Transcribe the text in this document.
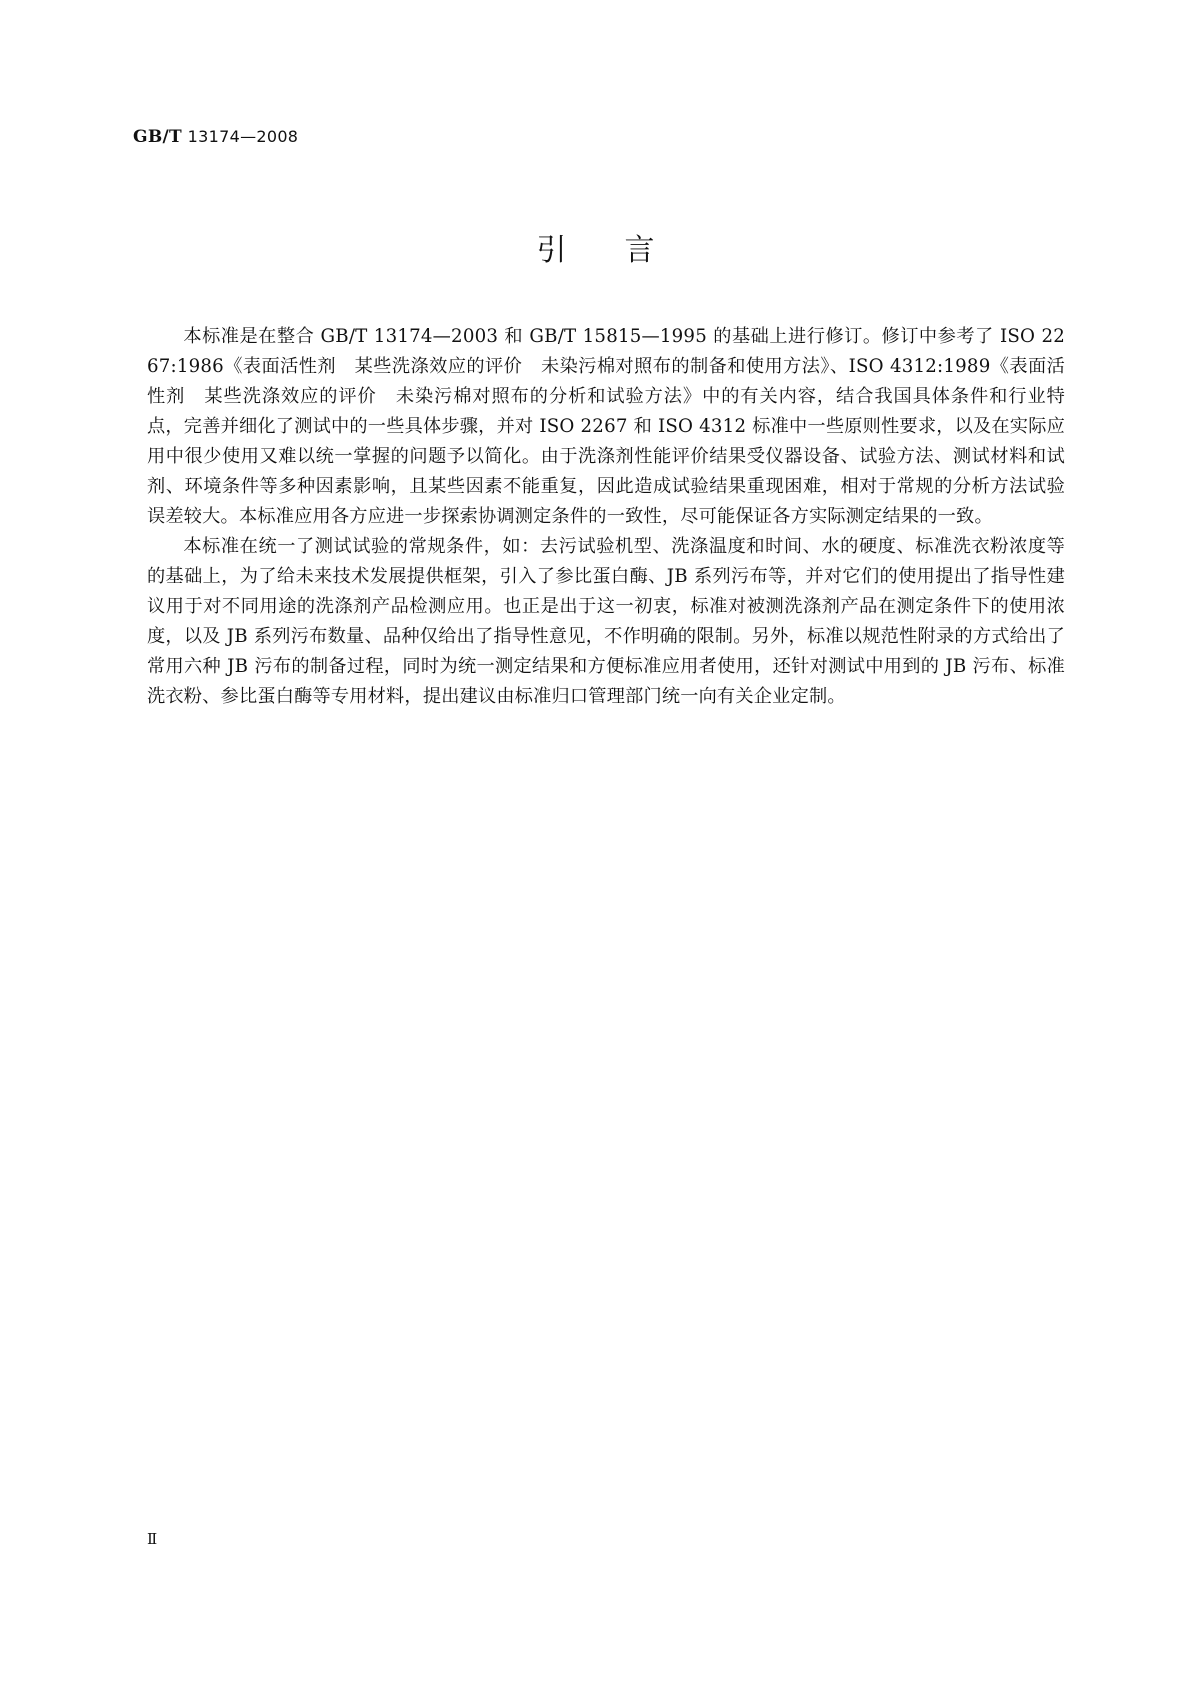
GB/T 13174—2008
引言

本标准是在整合 GB/T 13174—2003 和 GB/T 15815—1995 的基础上进行修订。修订中参考了 ISO 2267:1986《表面活性剂　某些洗涤效应的评价　未染污棉对照布的制备和使用方法》、ISO 4312:1989《表面活性剂　某些洗涤效应的评价　未染污棉对照布的分析和试验方法》中的有关内容，结合我国具体条件和行业特点，完善并细化了测试中的一些具体步骤，并对 ISO 2267 和 ISO 4312 标准中一些原则性要求，以及在实际应用中很少使用又难以统一掌握的问题予以简化。由于洗涤剂性能评价结果受仪器设备、试验方法、测试材料和试剂、环境条件等多种因素影响，且某些因素不能重复，因此造成试验结果重现困难，相对于常规的分析方法试验误差较大。本标准应用各方应进一步探索协调测定条件的一致性，尽可能保证各方实际测定结果的一致。

本标准在统一了测试试验的常规条件，如：去污试验机型、洗涤温度和时间、水的硬度、标准洗衣粉浓度等的基础上，为了给未来技术发展提供框架，引入了参比蛋白酶、JB 系列污布等，并对它们的使用提出了指导性建议用于对不同用途的洗涤剂产品检测应用。也正是出于这一初衷，标准对被测洗涤剂产品在测定条件下的使用浓度，以及 JB 系列污布数量、品种仅给出了指导性意见，不作明确的限制。另外，标准以规范性附录的方式给出了常用六种 JB 污布的制备过程，同时为统一测定结果和方便标准应用者使用，还针对测试中用到的 JB 污布、标准洗衣粉、参比蛋白酶等专用材料，提出建议由标准归口管理部门统一向有关企业定制。

Ⅱ
